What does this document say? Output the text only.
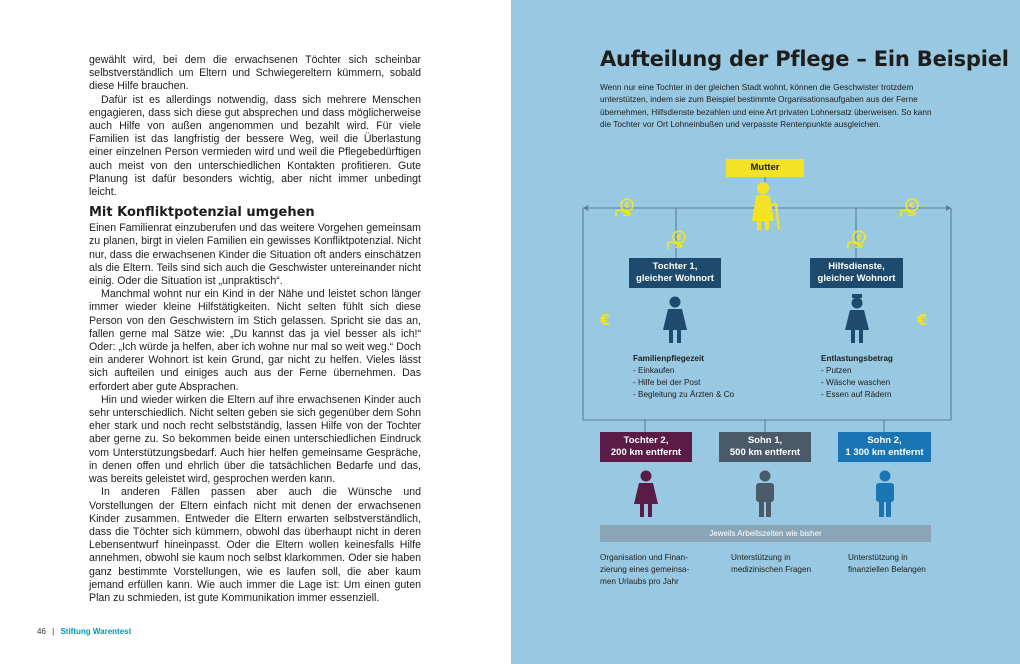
gewählt wird, bei dem die erwachsenen Töchter sich scheinbar selbstverständlich um Eltern und Schwiegereltern kümmern, sobald diese Hilfe brauchen.

Dafür ist es allerdings notwendig, dass sich mehrere Menschen engagieren, dass sich diese gut absprechen und dass möglicherweise auch Hilfe von außen angenommen und bezahlt wird. Für viele Familien ist das langfristig der bessere Weg, weil die Überlastung einer einzelnen Person vermieden wird und weil die Pflegebedürftigen auch meist von den unterschiedlichen Kontakten profitieren. Gute Planung ist dafür besonders wichtig, aber nicht immer unbedingt leicht.

Mit Konfliktpotenzial umgehen

Einen Familienrat einzuberufen und das weitere Vorgehen gemeinsam zu planen, birgt in vielen Familien ein gewisses Konfliktpotenzial. Nicht nur, dass die erwachsenen Kinder die Situation oft anders einschätzen als die Eltern. Teils sind sich auch die Geschwister untereinander nicht einig. Oder die Situation ist „unpraktisch“.

Manchmal wohnt nur ein Kind in der Nähe und leistet schon länger immer wieder kleine Hilfstätigkeiten. Nicht selten fühlt sich diese Person von den Geschwistern im Stich gelassen. Spricht sie das an, fallen gerne mal Sätze wie: „Du kannst das ja viel besser als ich!“ Oder: „Ich würde ja helfen, aber ich wohne nur mal so weit weg.“ Doch ein anderer Wohnort ist kein Grund, gar nicht zu helfen. Vieles lässt sich aufteilen und einiges auch aus der Ferne übernehmen. Das erfordert aber gute Absprachen.

Hin und wieder wirken die Eltern auf ihre erwachsenen Kinder auch sehr unterschiedlich. Nicht selten geben sie sich gegenüber dem Sohn eher stark und noch recht selbstständig, lassen Hilfe von der Tochter aber gerne zu. So bekommen beide einen unterschiedlichen Eindruck vom Unterstützungsbedarf. Auch hier helfen gemeinsame Gespräche, in denen offen und ehrlich über die tatsächlichen Bedarfe und das, was bereits geleistet wird, gesprochen werden kann.

In anderen Fällen passen aber auch die Wünsche und Vorstellungen der Eltern einfach nicht mit denen der erwachsenen Kinder zusammen. Entweder die Eltern erwarten selbstverständlich, dass die Töchter sich kümmern, obwohl das überhaupt nicht in deren Lebensentwurf hineinpasst. Oder die Eltern wollen keinesfalls Hilfe annehmen, obwohl sie kaum noch selbst klarkommen. Oder sie haben ganz bestimmte Vorstellungen, wie es laufen soll, die aber kaum jemand erfüllen kann. Wie auch immer die Lage ist: Um einen guten Plan zu schmieden, ist gute Kommunikation immer essenziell.

46 | Stiftung Warentest
Aufteilung der Pflege – Ein Beispiel
Wenn nur eine Tochter in der gleichen Stadt wohnt, können die Geschwister trotzdem unterstützen, indem sie zum Beispiel bestimmte Organisationsaufgaben aus der Ferne übernehmen, Hilfsdienste bezahlen und eine Art privaten Lohnersatz überweisen. So kann die Tochter vor Ort Lohneinbußen und verpasste Rentenpunkte ausgleichen.
Mutter
€	€
€	€
€	€
Tochter 1,
gleicher Wohnort
Hilfsdienste,
gleicher Wohnort
Familienpflegezeit
- Einkaufen
- Hilfe bei der Post
- Begleitung zu Ärzten & Co
Entlastungsbetrag
- Putzen
- Wäsche waschen
- Essen auf Rädern
Tochter 2,
200 km entfernt
Sohn 1,
500 km entfernt
Sohn 2,
1 300 km entfernt
Jeweils Arbeitszeiten wie bisher
Organisation und Finan-
zierung eines gemeinsa-
men Urlaubs pro Jahr
Unterstützung in
medizinischen Fragen
Unterstützung in
finanziellen Belangen
